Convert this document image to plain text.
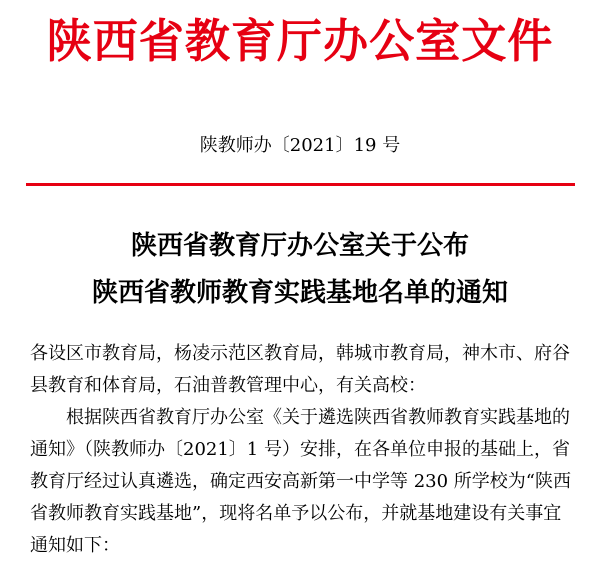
陕西省教育厅办公室文件
陕教师办〔2021〕19 号
陕西省教育厅办公室关于公布
陕西省教师教育实践基地名单的通知

各设区市教育局，杨凌示范区教育局，韩城市教育局，神木市、府谷县教育和体育局，石油普教管理中心，有关高校：

根据陕西省教育厅办公室《关于遴选陕西省教师教育实践基地的通知》（陕教师办〔2021〕1 号）安排，在各单位申报的基础上，省教育厅经过认真遴选，确定西安高新第一中学等 230 所学校为“陕西省教师教育实践基地”，现将名单予以公布，并就基地建设有关事宜通知如下：
